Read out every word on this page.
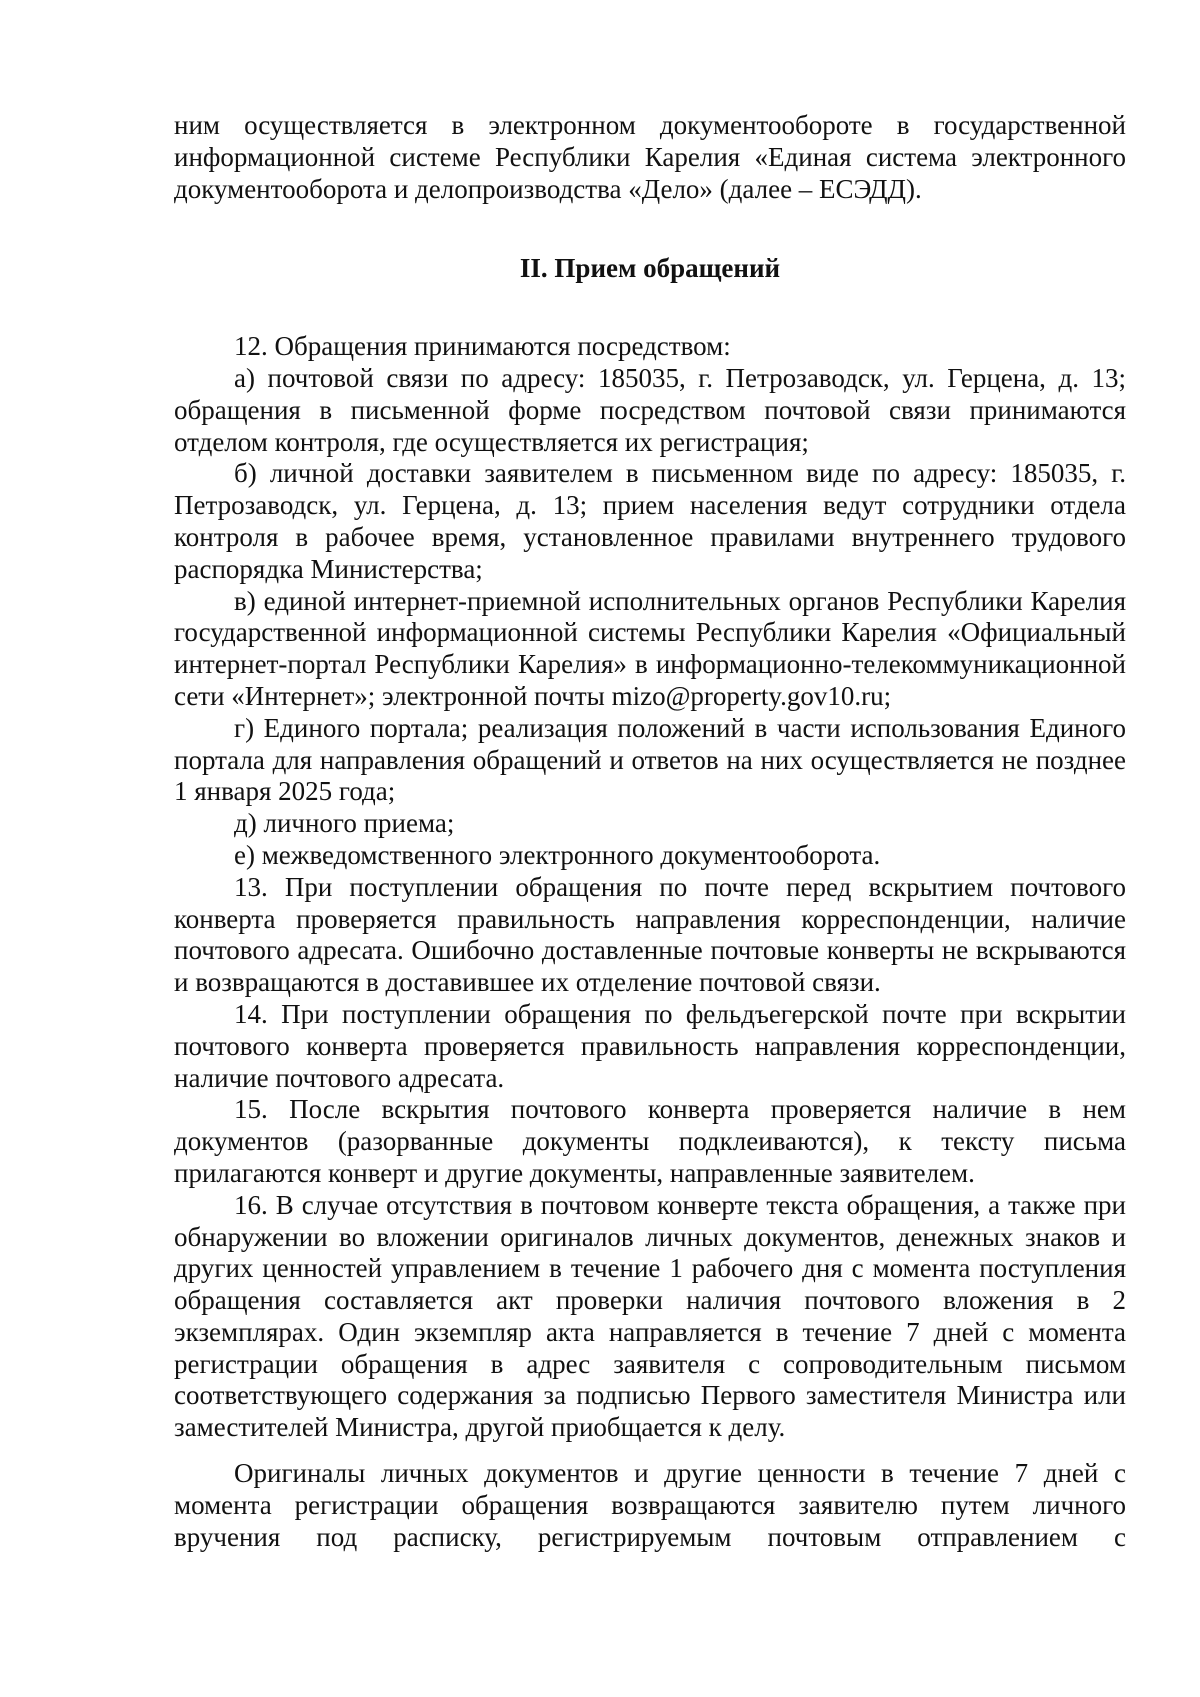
ним осуществляется в электронном документообороте в государственной информационной системе Республики Карелия «Единая система электронного документооборота и делопроизводства «Дело» (далее – ЕСЭДД).

II. Прием обращений

12. Обращения принимаются посредством:

а) почтовой связи по адресу: 185035, г. Петрозаводск, ул. Герцена, д. 13; обращения в письменной форме посредством почтовой связи принимаются отделом контроля, где осуществляется их регистрация;

б) личной доставки заявителем в письменном виде по адресу: 185035, г. Петрозаводск, ул. Герцена, д. 13; прием населения ведут сотрудники отдела контроля в рабочее время, установленное правилами внутреннего трудового распорядка Министерства;

в) единой интернет-приемной исполнительных органов Республики Карелия государственной информационной системы Республики Карелия «Официальный интернет-портал Республики Карелия» в информационно-телекоммуникационной сети «Интернет»; электронной почты mizo@property.gov10.ru;

г) Единого портала; реализация положений в части использования Единого портала для направления обращений и ответов на них осуществляется не позднее 1 января 2025 года;

д) личного приема;

е) межведомственного электронного документооборота.

13. При поступлении обращения по почте перед вскрытием почтового конверта проверяется правильность направления корреспонденции, наличие почтового адресата. Ошибочно доставленные почтовые конверты не вскрываются и возвращаются в доставившее их отделение почтовой связи.

14. При поступлении обращения по фельдъегерской почте при вскрытии почтового конверта проверяется правильность направления корреспонденции, наличие почтового адресата.

15. После вскрытия почтового конверта проверяется наличие в нем документов (разорванные документы подклеиваются), к тексту письма прилагаются конверт и другие документы, направленные заявителем.

16. В случае отсутствия в почтовом конверте текста обращения, а также при обнаружении во вложении оригиналов личных документов, денежных знаков и других ценностей управлением в течение 1 рабочего дня с момента поступления обращения составляется акт проверки наличия почтового вложения в 2 экземплярах. Один экземпляр акта направляется в течение 7 дней с момента регистрации обращения в адрес заявителя с сопроводительным письмом соответствующего содержания за подписью Первого заместителя Министра или заместителей Министра, другой приобщается к делу.

Оригиналы личных документов и другие ценности в течение 7 дней с момента регистрации обращения возвращаются заявителю путем личного вручения под расписку, регистрируемым почтовым отправлением с
